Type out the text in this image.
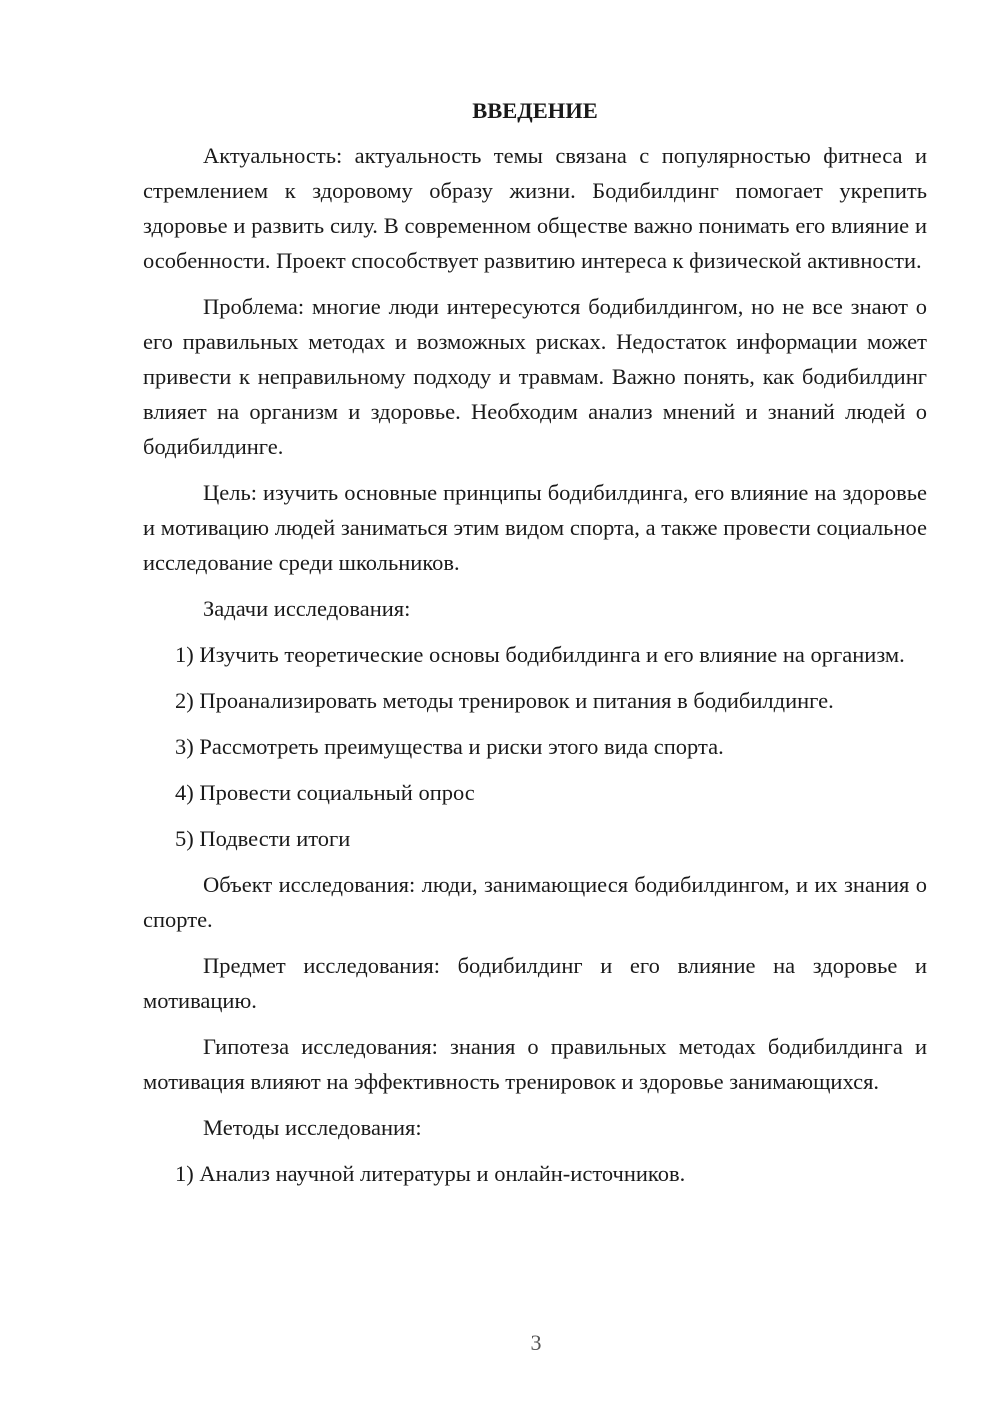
ВВЕДЕНИЕ

Актуальность: актуальность темы связана с популярностью фитнеса и стремлением к здоровому образу жизни. Бодибилдинг помогает укрепить здоровье и развить силу. В современном обществе важно понимать его влияние и особенности. Проект способствует развитию интереса к физической активности.

Проблема: многие люди интересуются бодибилдингом, но не все знают о его правильных методах и возможных рисках. Недостаток информации может привести к неправильному подходу и травмам. Важно понять, как бодибилдинг влияет на организм и здоровье. Необходим анализ мнений и знаний людей о бодибилдинге.

Цель: изучить основные принципы бодибилдинга, его влияние на здоровье и мотивацию людей заниматься этим видом спорта, а также провести социальное исследование среди школьников.

Задачи исследования:

1) Изучить теоретические основы бодибилдинга и его влияние на организм.

2) Проанализировать методы тренировок и питания в бодибилдинге.

3) Рассмотреть преимущества и риски этого вида спорта.

4) Провести социальный опрос

5) Подвести итоги

Объект исследования: люди, занимающиеся бодибилдингом, и их знания о спорте.

Предмет исследования: бодибилдинг и его влияние на здоровье и мотивацию.

Гипотеза исследования: знания о правильных методах бодибилдинга и мотивация влияют на эффективность тренировок и здоровье занимающихся.

Методы исследования:

1) Анализ научной литературы и онлайн-источников.

3
